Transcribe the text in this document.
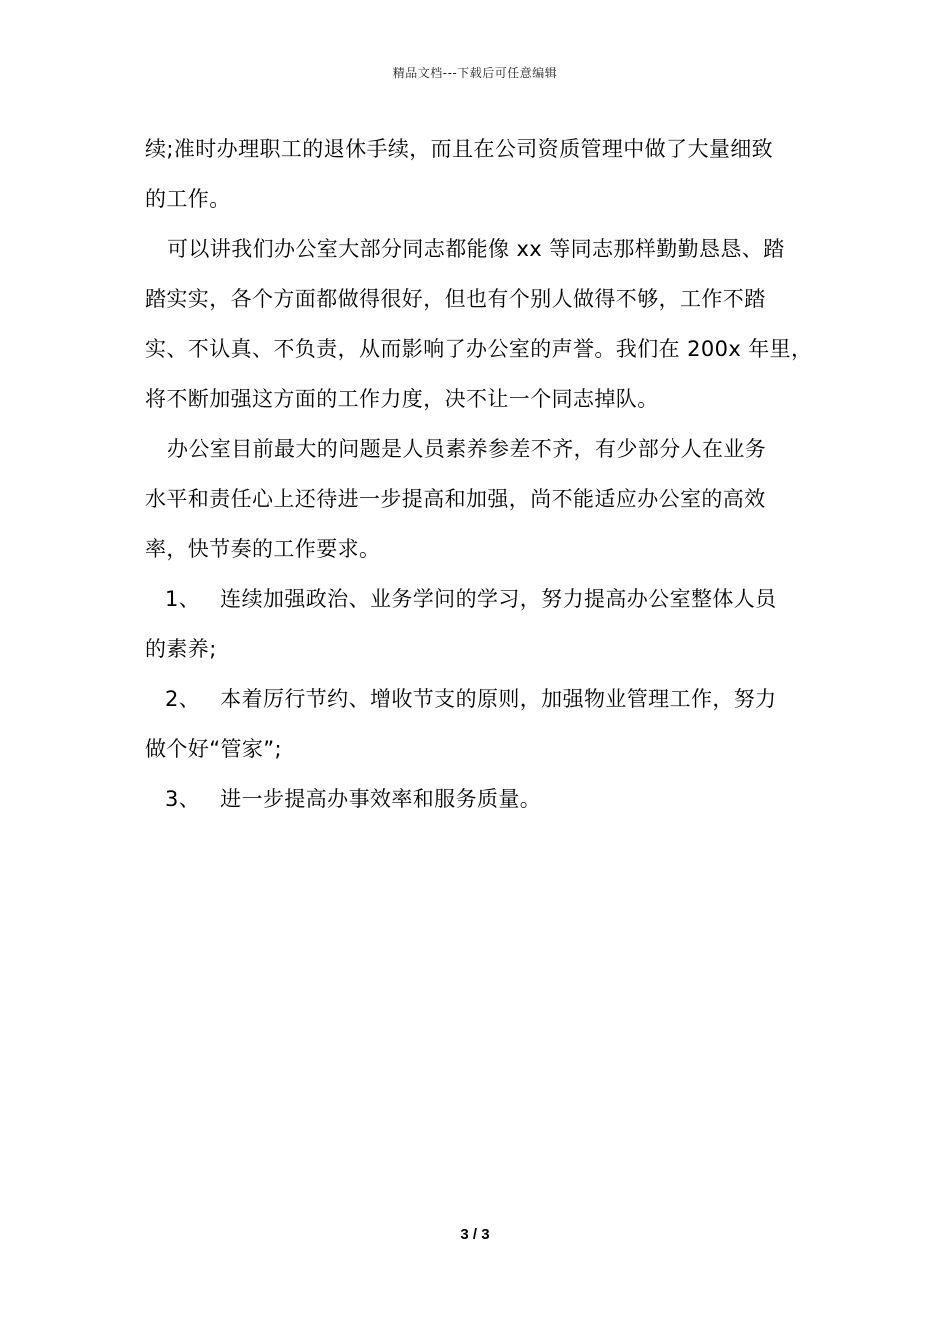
精品文档---下载后可任意编辑
续;准时办理职工的退休手续，而且在公司资质管理中做了大量细致
的工作。
可以讲我们办公室大部分同志都能像 xx 等同志那样勤勤恳恳、踏
踏实实，各个方面都做得很好，但也有个别人做得不够，工作不踏
实、不认真、不负责，从而影响了办公室的声誉。我们在 200x 年里，
将不断加强这方面的工作力度，决不让一个同志掉队。
办公室目前最大的问题是人员素养参差不齐，有少部分人在业务
水平和责任心上还待进一步提高和加强，尚不能适应办公室的高效
率，快节奏的工作要求。
1、 连续加强政治、业务学问的学习，努力提高办公室整体人员
的素养;
2、 本着厉行节约、增收节支的原则，加强物业管理工作，努力
做个好“管家”;
3、 进一步提高办事效率和服务质量。
3 / 3
